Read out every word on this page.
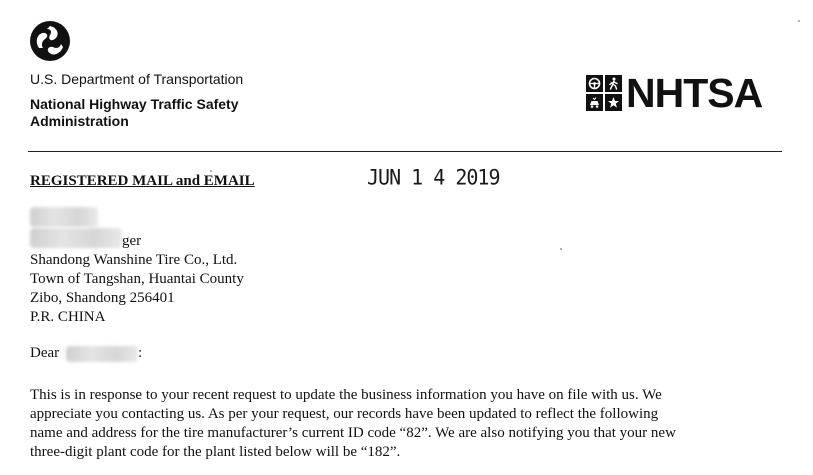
U.S. Department of Transportation
National Highway Traffic Safety
Administration
NHTSA
REGISTERED MAIL and EMAIL	JUN 1 4 2019
ger
Shandong Wanshine Tire Co., Ltd.
Town of Tangshan, Huantai County
Zibo, Shandong 256401
P.R. CHINA
Dear	:
This is in response to your recent request to update the business information you have on file with us. We
appreciate you contacting us. As per your request, our records have been updated to reflect the following
name and address for the tire manufacturer’s current ID code “82”. We are also notifying you that your new
three-digit plant code for the plant listed below will be “182”.
